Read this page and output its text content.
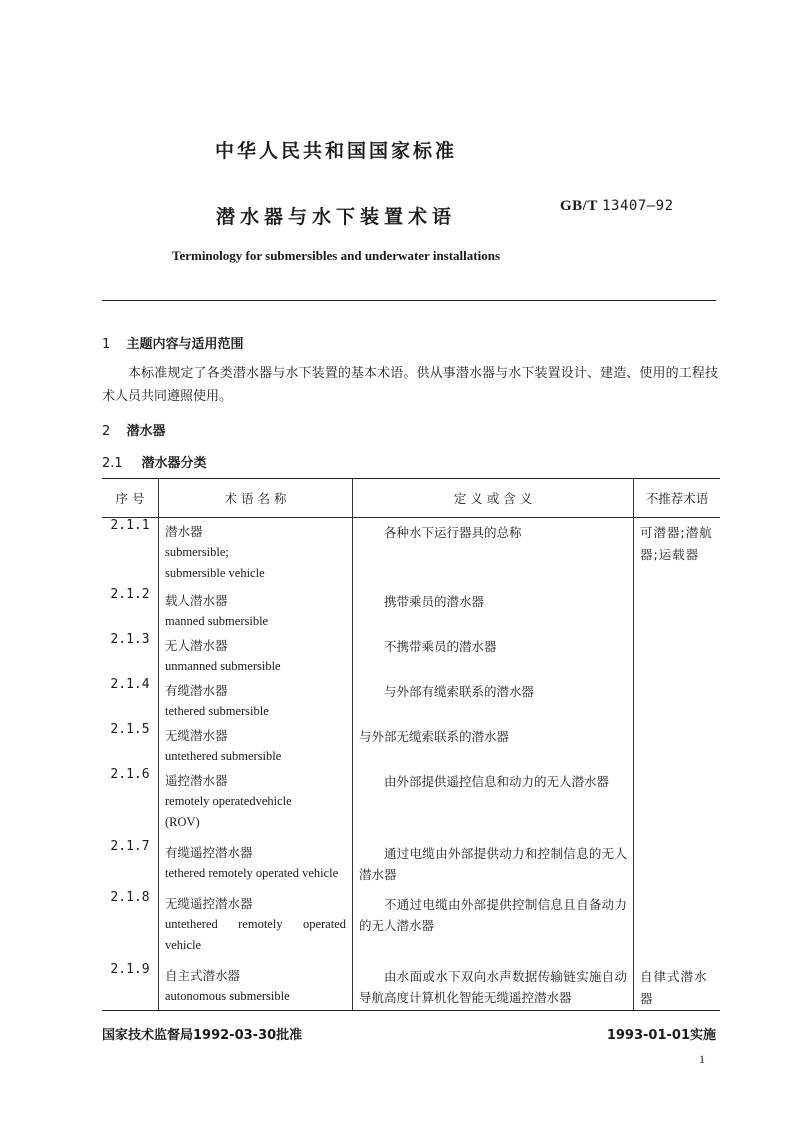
中华人民共和国国家标准
潜水器与水下装置术语	GB/T 13407—92
Terminology for submersibles and underwater installations
1 主题内容与适用范围
本标准规定了各类潜水器与水下装置的基本术语。供从事潜水器与水下装置设计、建造、使用的工程技术人员共同遵照使用。
2 潜水器
2.1 潜水器分类
序 号	术 语 名 称	定 义 或 含 义	不推荐术语
2.1.1	潜水器
submersible;
submersible vehicle	各种水下运行器具的总称	可潜器;潜航器;运载器

2.1.2	载人潜水器
manned submersible	携带乘员的潜水器	

2.1.3	无人潜水器
unmanned submersible	不携带乘员的潜水器	

2.1.4	有缆潜水器
tethered submersible	与外部有缆索联系的潜水器	

2.1.5	无缆潜水器
untethered submersible	与外部无缆索联系的潜水器	

2.1.6	遥控潜水器
remotely operatedvehicle
(ROV)	由外部提供遥控信息和动力的无人潜水器	

2.1.7	有缆遥控潜水器
tethered remotely operated vehicle	通过电缆由外部提供动力和控制信息的无人潜水器	

2.1.8	无缆遥控潜水器
untethered remotely operated vehicle	不通过电缆由外部提供控制信息且自备动力的无人潜水器	

2.1.9	自主式潜水器
autonomous submersible	由水面或水下双向水声数据传输链实施自动导航高度计算机化智能无缆遥控潜水器	自律式潜水器
国家技术监督局1992-03-30批准	1993-01-01实施
1
